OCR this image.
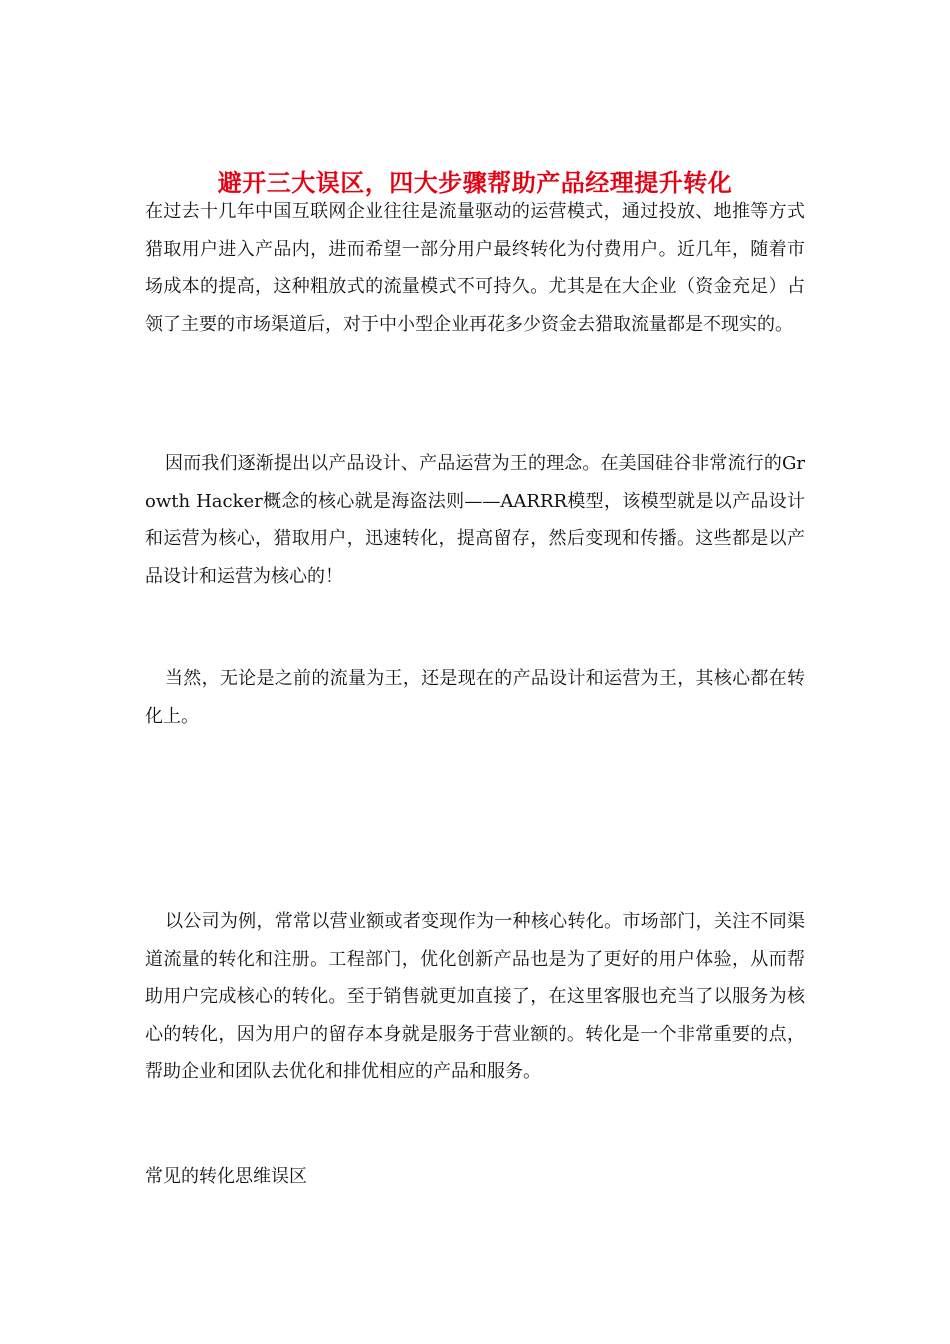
避开三大误区，四大步骤帮助产品经理提升转化

在过去十几年中国互联网企业往往是流量驱动的运营模式，通过投放、地推等方式猎取用户进入产品内，进而希望一部分用户最终转化为付费用户。近几年，随着市场成本的提高，这种粗放式的流量模式不可持久。尤其是在大企业（资金充足）占领了主要的市场渠道后，对于中小型企业再花多少资金去猎取流量都是不现实的。

因而我们逐渐提出以产品设计、产品运营为王的理念。在美国硅谷非常流行的Growth Hacker概念的核心就是海盗法则——AARRR模型，该模型就是以产品设计和运营为核心，猎取用户，迅速转化，提高留存，然后变现和传播。这些都是以产品设计和运营为核心的！

当然，无论是之前的流量为王，还是现在的产品设计和运营为王，其核心都在转化上。

以公司为例，常常以营业额或者变现作为一种核心转化。市场部门，关注不同渠道流量的转化和注册。工程部门，优化创新产品也是为了更好的用户体验，从而帮助用户完成核心的转化。至于销售就更加直接了，在这里客服也充当了以服务为核心的转化，因为用户的留存本身就是服务于营业额的。转化是一个非常重要的点，帮助企业和团队去优化和排优相应的产品和服务。

常见的转化思维误区
